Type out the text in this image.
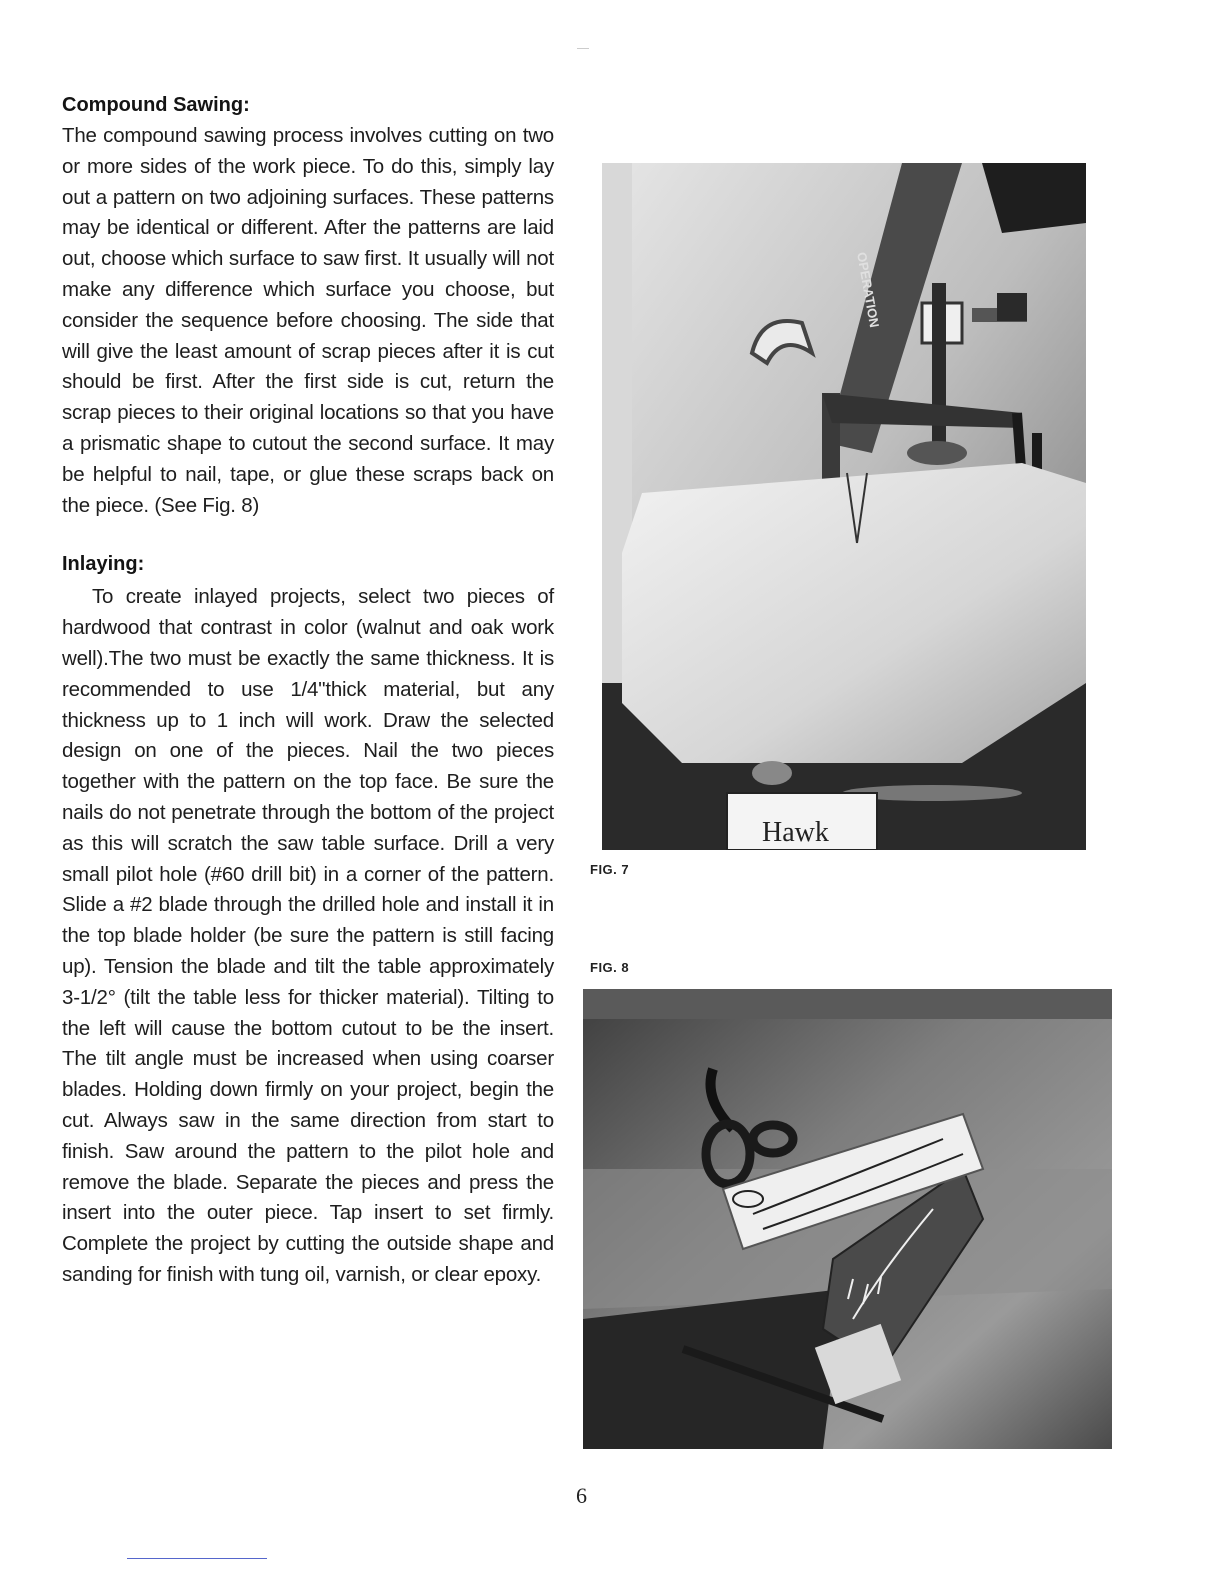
Compound Sawing:

The compound sawing process involves cutting on two or more sides of the work piece. To do this, simply lay out a pattern on two adjoining surfaces. These patterns may be identical or different. After the patterns are laid out, choose which surface to saw first. It usually will not make any difference which surface you choose, but consider the sequence before choosing. The side that will give the least amount of scrap pieces after it is cut should be first. After the first side is cut, return the scrap pieces to their original locations so that you have a prismatic shape to cutout the second surface. It may be helpful to nail, tape, or glue these scraps back on the piece. (See Fig. 8)

Inlaying:

To create inlayed projects, select two pieces of hardwood that contrast in color (walnut and oak work well).The two must be exactly the same thickness. It is recommended to use 1/4"thick material, but any thickness up to 1 inch will work. Draw the selected design on one of the pieces. Nail the two pieces together with the pattern on the top face. Be sure the nails do not penetrate through the bottom of the project as this will scratch the saw table surface. Drill a very small pilot hole (#60 drill bit) in a corner of the pattern. Slide a #2 blade through the drilled hole and install it in the top blade holder (be sure the pattern is still facing up). Tension the blade and tilt the table approximately 3-1/2° (tilt the table less for thicker material). Tilting to the left will cause the bottom cutout to be the insert. The tilt angle must be increased when using coarser blades. Holding down firmly on your project, begin the cut. Always saw in the same direction from start to finish. Saw around the pattern to the pilot hole and remove the blade. Separate the pieces and press the insert into the outer piece. Tap insert to set firmly. Complete the project by cutting the outside shape and sanding for finish with tung oil, varnish, or clear epoxy.

OPERATION
Hawk
FIG. 7
FIG. 8
6
